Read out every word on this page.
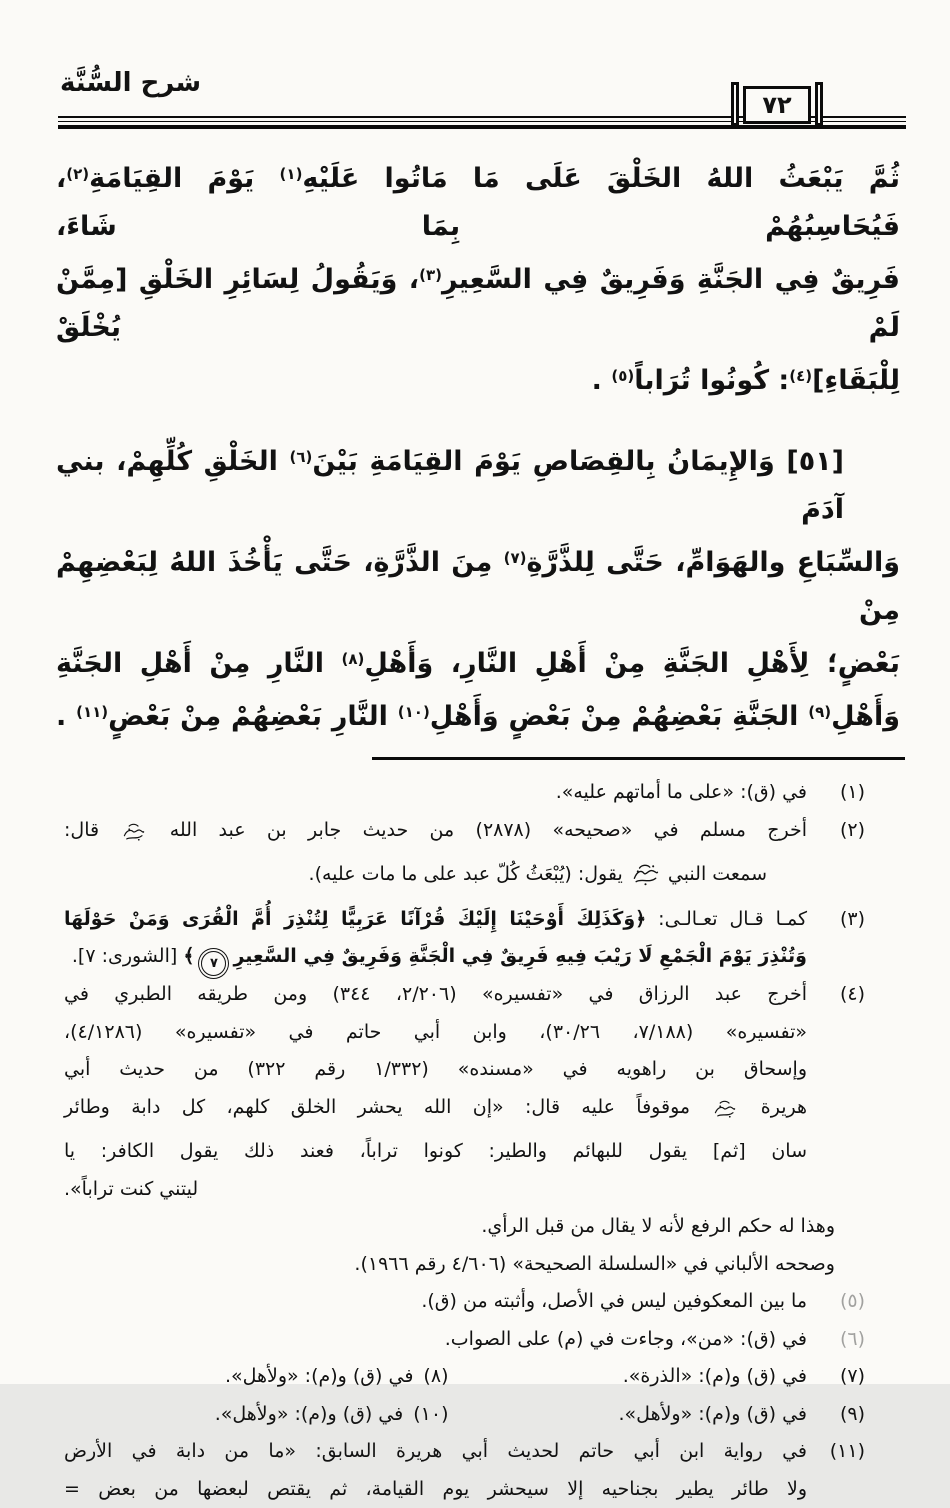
شرح السُّنَّة
٧٢
ثُمَّ يَبْعَثُ اللهُ الخَلْقَ عَلَى مَا مَاتُوا عَلَيْهِ$^{(١)}$ يَوْمَ القِيَامَةِ$^{(٢)}$، فَيُحَاسِبُهُمْ بِمَا شَاءَ،
فَرِيقٌ فِي الجَنَّةِ وَفَرِيقٌ فِي السَّعِيرِ$^{(٣)}$، وَيَقُولُ لِسَائِرِ الخَلْقِ [مِمَّنْ لَمْ يُخْلَقْ
لِلْبَقَاءِ]$^{(٤)}$: كُونُوا تُرَاباً$^{(٥)}$ .
[٥١] وَالإِيمَانُ بِالقِصَاصِ يَوْمَ القِيَامَةِ بَيْنَ$^{(٦)}$ الخَلْقِ كُلِّهِمْ، بني آدَمَ
وَالسِّبَاعِ والهَوَامِّ، حَتَّى لِلذَّرَّةِ$^{(٧)}$ مِنَ الذَّرَّةِ، حَتَّى يَأْخُذَ اللهُ لِبَعْضِهِمْ مِنْ
بَعْضٍ؛ لِأَهْلِ الجَنَّةِ مِنْ أَهْلِ النَّارِ، وَأَهْلِ$^{(٨)}$ النَّارِ مِنْ أَهْلِ الجَنَّةِ
وَأَهْلِ$^{(٩)}$ الجَنَّةِ بَعْضِهُمْ مِنْ بَعْضٍ وَأَهْلِ$^{(١٠)}$ النَّارِ بَعْضِهُمْ مِنْ بَعْضٍ$^{(١١)}$ .
(١)
في (ق): «على ما أماتهم عليه».
(٢)
أخرج مسلم في «صحيحه» (٢٨٧٨) من حديث جابر بن عبد الله  قال:
سمعت النبي  يقول: (يُبْعَثُ كُلّ عبد على ما مات عليه).
(٣)
كمـا قـال تعـالـى: ﴿وَكَذَلِكَ أَوْحَيْنَا إِلَيْكَ قُرْآنًا عَرَبِيًّا لِتُنْذِرَ أُمَّ الْقُرَى وَمَنْ حَوْلَهَا
وَتُنْذِرَ يَوْمَ الْجَمْعِ لَا رَيْبَ فِيهِ فَرِيقٌ فِي الْجَنَّةِ وَفَرِيقٌ فِي السَّعِيرِ٧﴾ [الشورى: ٧].
(٤)
أخرج عبد الرزاق في «تفسيره» (٢/٢٠٦، ٣٤٤) ومن طريقه الطبري في
«تفسيره» (٧/١٨٨، ٣٠/٢٦)، وابن أبي حاتم في «تفسيره» (٤/١٢٨٦)،
وإسحاق بن راهويه في «مسنده» (١/٣٣٢ رقم ٣٢٢) من حديث أبي
هريرة  موقوفاً عليه قال: «إن الله يحشر الخلق كلهم، كل دابة وطائر
سان [ثم] يقول للبهائم والطير: كونوا تراباً، فعند ذلك يقول الكافر: يا
ليتني كنت تراباً».
وهذا له حكم الرفع لأنه لا يقال من قبل الرأي.
وصححه الألباني في «السلسلة الصحيحة» (٤/٦٠٦ رقم ١٩٦٦).
(٥)
ما بين المعكوفين ليس في الأصل، وأثبته من (ق).
(٦)
في (ق): «من»، وجاءت في (م) على الصواب.
(٧)
في (ق) و(م): «الذرة».
(٨)
في (ق) و(م): «ولأهل».
(٩)
في (ق) و(م): «ولأهل».
(١٠)
في (ق) و(م): «ولأهل».
(١١)
في رواية ابن أبي حاتم لحديث أبي هريرة السابق: «ما من دابة في الأرض
ولا طائر يطير بجناحيه إلا سيحشر يوم القيامة، ثم يقتص لبعضها من بعض =
